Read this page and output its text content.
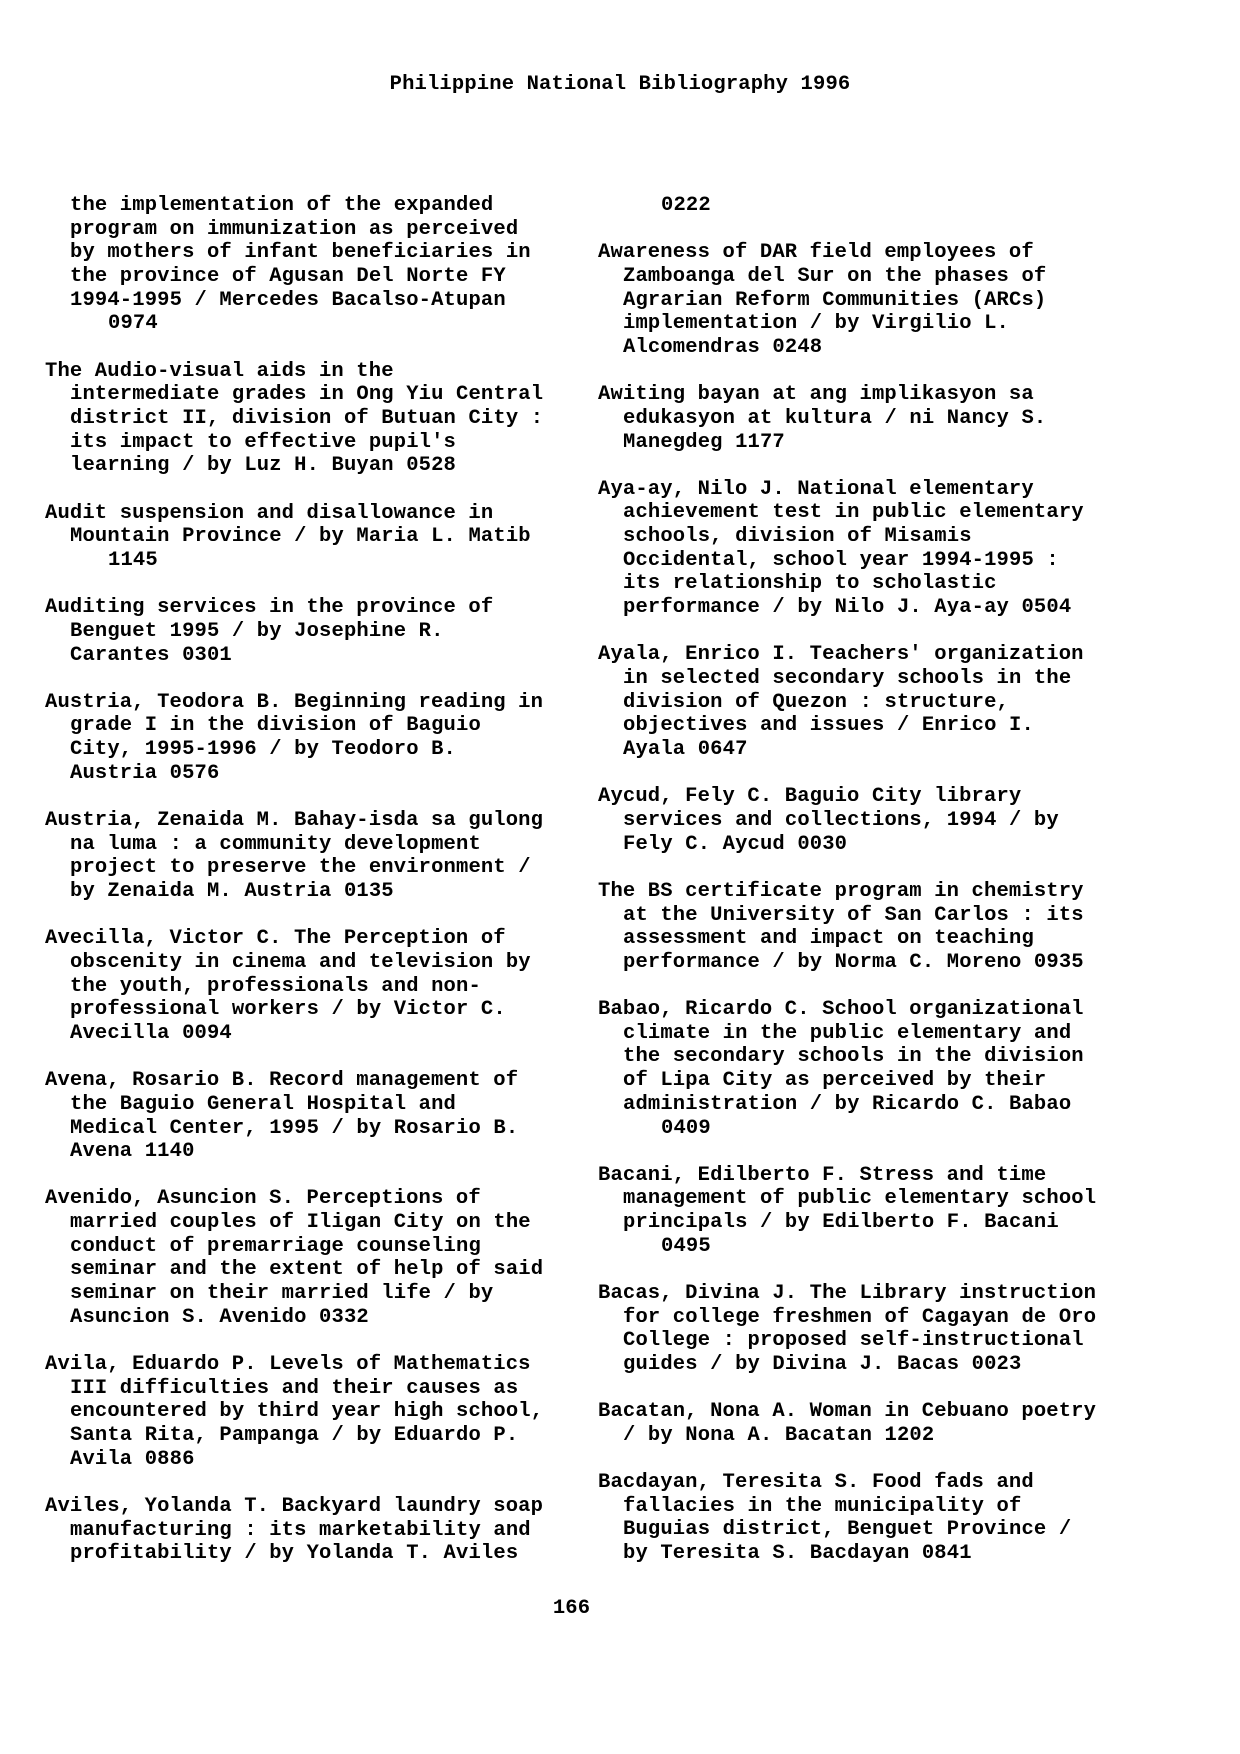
Philippine National Bibliography 1996
the implementation of the expanded
program on immunization as perceived
by mothers of infant beneficiaries in
the province of Agusan Del Norte FY
1994-1995 / Mercedes Bacalso-Atupan
0974
The Audio-visual aids in the
intermediate grades in Ong Yiu Central
district II, division of Butuan City :
its impact to effective pupil's
learning / by Luz H. Buyan 0528
Audit suspension and disallowance in
Mountain Province / by Maria L. Matib
1145
Auditing services in the province of
Benguet 1995 / by Josephine R.
Carantes 0301
Austria, Teodora B. Beginning reading in
grade I in the division of Baguio
City, 1995-1996 / by Teodoro B.
Austria 0576
Austria, Zenaida M. Bahay-isda sa gulong
na luma : a community development
project to preserve the environment /
by Zenaida M. Austria 0135
Avecilla, Victor C. The Perception of
obscenity in cinema and television by
the youth, professionals and non-
professional workers / by Victor C.
Avecilla 0094
Avena, Rosario B. Record management of
the Baguio General Hospital and
Medical Center, 1995 / by Rosario B.
Avena 1140
Avenido, Asuncion S. Perceptions of
married couples of Iligan City on the
conduct of premarriage counseling
seminar and the extent of help of said
seminar on their married life / by
Asuncion S. Avenido 0332
Avila, Eduardo P. Levels of Mathematics
III difficulties and their causes as
encountered by third year high school,
Santa Rita, Pampanga / by Eduardo P.
Avila 0886
Aviles, Yolanda T. Backyard laundry soap
manufacturing : its marketability and
profitability / by Yolanda T. Aviles
0222
Awareness of DAR field employees of
Zamboanga del Sur on the phases of
Agrarian Reform Communities (ARCs)
implementation / by Virgilio L.
Alcomendras 0248
Awiting bayan at ang implikasyon sa
edukasyon at kultura / ni Nancy S.
Manegdeg 1177
Aya-ay, Nilo J. National elementary
achievement test in public elementary
schools, division of Misamis
Occidental, school year 1994-1995 :
its relationship to scholastic
performance / by Nilo J. Aya-ay 0504
Ayala, Enrico I. Teachers' organization
in selected secondary schools in the
division of Quezon : structure,
objectives and issues / Enrico I.
Ayala 0647
Aycud, Fely C. Baguio City library
services and collections, 1994 / by
Fely C. Aycud 0030
The BS certificate program in chemistry
at the University of San Carlos : its
assessment and impact on teaching
performance / by Norma C. Moreno 0935
Babao, Ricardo C. School organizational
climate in the public elementary and
the secondary schools in the division
of Lipa City as perceived by their
administration / by Ricardo C. Babao
0409
Bacani, Edilberto F. Stress and time
management of public elementary school
principals / by Edilberto F. Bacani
0495
Bacas, Divina J. The Library instruction
for college freshmen of Cagayan de Oro
College : proposed self-instructional
guides / by Divina J. Bacas 0023
Bacatan, Nona A. Woman in Cebuano poetry
/ by Nona A. Bacatan 1202
Bacdayan, Teresita S. Food fads and
fallacies in the municipality of
Buguias district, Benguet Province /
by Teresita S. Bacdayan 0841
166
